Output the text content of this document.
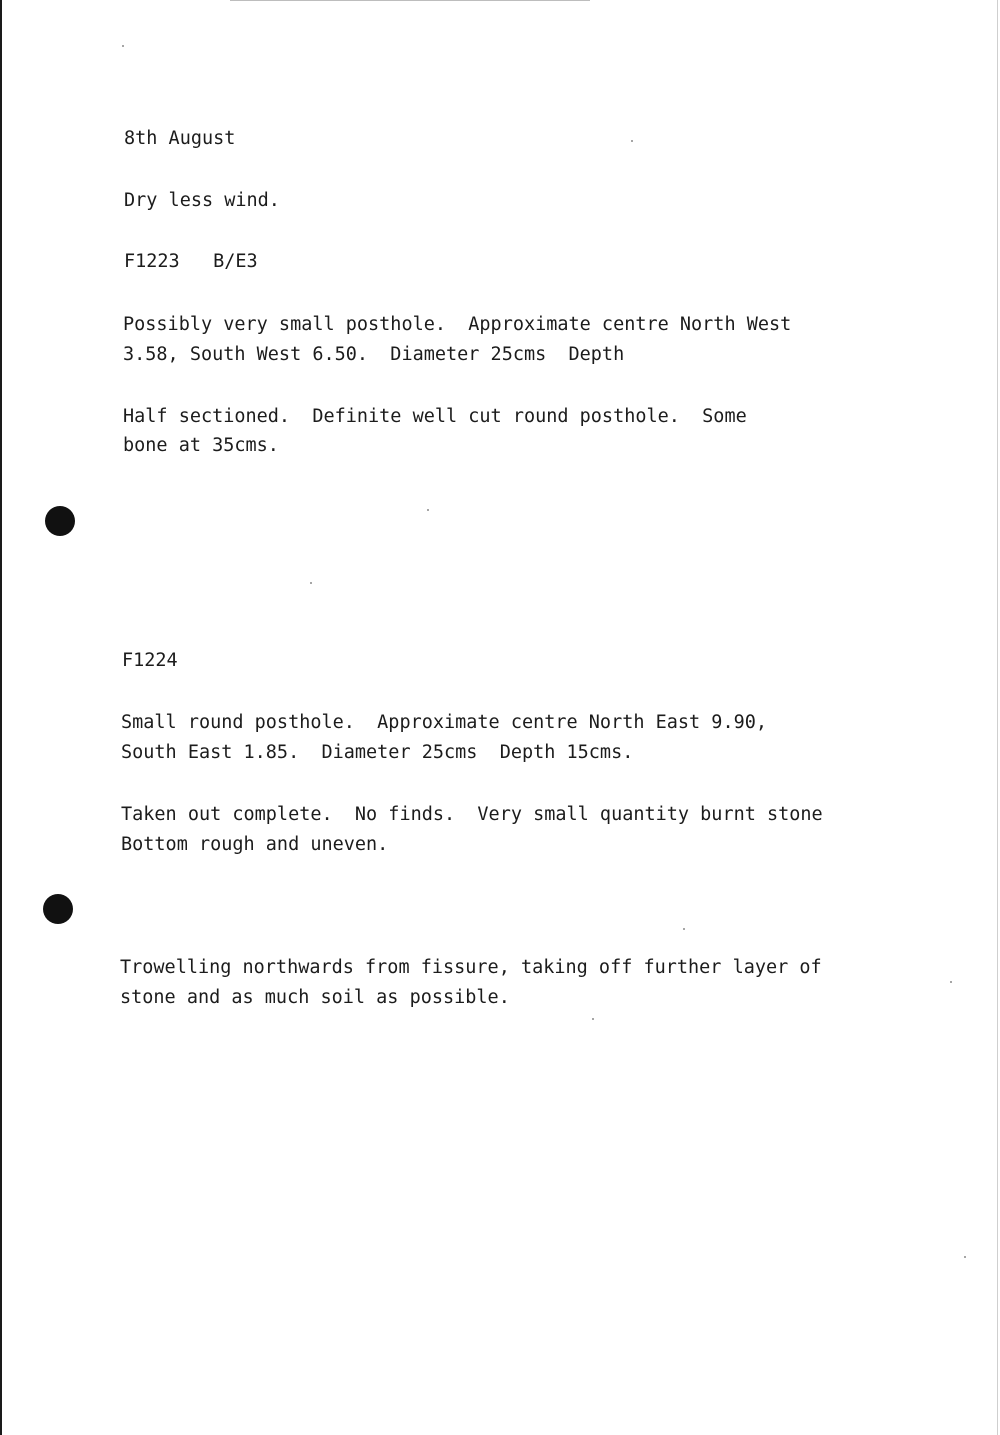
8th August

Dry less wind.

F1223   B/E3

Possibly very small posthole.  Approximate centre North West

3.58, South West 6.50.  Diameter 25cms  Depth

Half sectioned.  Definite well cut round posthole.  Some

bone at 35cms.

F1224

Small round posthole.  Approximate centre North East 9.90,

South East 1.85.  Diameter 25cms  Depth 15cms.

Taken out complete.  No finds.  Very small quantity burnt stone

Bottom rough and uneven.

Trowelling northwards from fissure, taking off further layer of

stone and as much soil as possible.
